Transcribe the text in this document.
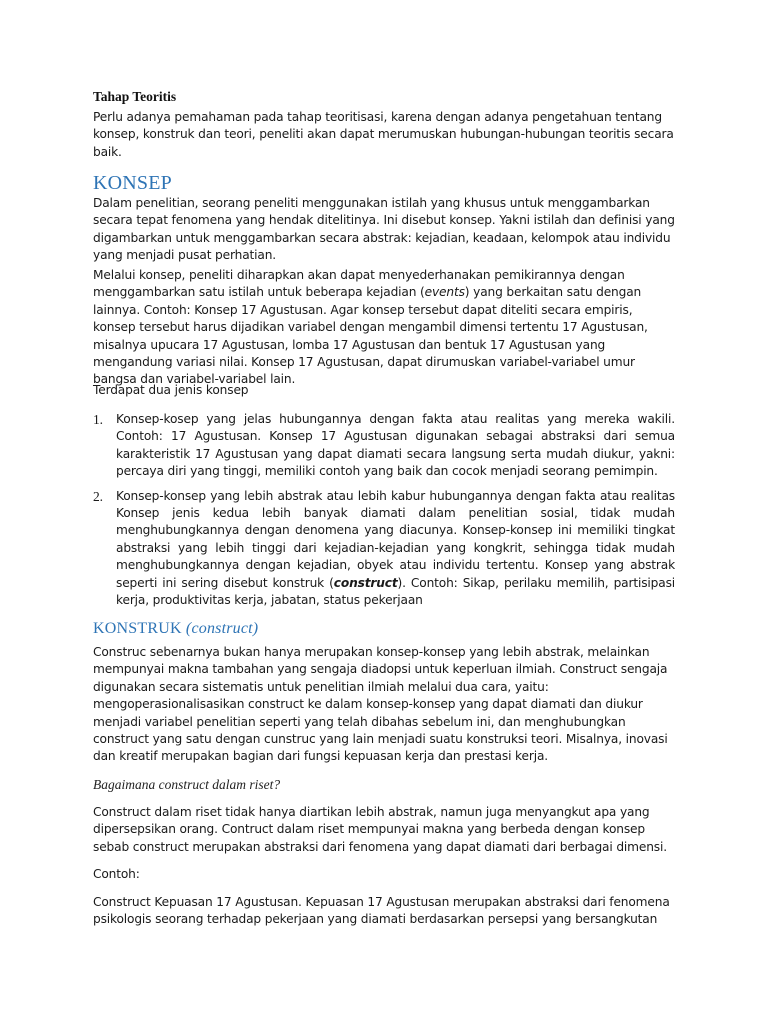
Tahap Teoritis

Perlu adanya pemahaman pada tahap teoritisasi, karena dengan adanya pengetahuan tentang konsep, konstruk dan teori, peneliti akan dapat merumuskan hubungan-hubungan teoritis secara baik.

KONSEP

Dalam penelitian, seorang peneliti menggunakan istilah yang khusus untuk menggambarkan secara tepat fenomena yang hendak ditelitinya. Ini disebut konsep. Yakni istilah dan definisi yang digambarkan untuk menggambarkan secara abstrak: kejadian, keadaan, kelompok atau individu yang menjadi pusat perhatian.

Melalui konsep, peneliti diharapkan akan dapat menyederhanakan pemikirannya dengan menggambarkan satu istilah untuk beberapa kejadian (events) yang berkaitan satu dengan lainnya. Contoh: Konsep 17 Agustusan. Agar konsep tersebut dapat diteliti secara empiris, konsep tersebut harus dijadikan variabel dengan mengambil dimensi tertentu 17 Agustusan, misalnya upucara 17 Agustusan, lomba 17 Agustusan dan bentuk 17 Agustusan yang mengandung variasi nilai. Konsep 17 Agustusan, dapat dirumuskan variabel-variabel umur bangsa dan variabel-variabel lain.

Terdapat dua jenis konsep

1. Konsep-kosep yang jelas hubungannya dengan fakta atau realitas yang mereka wakili. Contoh: 17 Agustusan. Konsep 17 Agustusan digunakan sebagai abstraksi dari semua karakteristik 17 Agustusan yang dapat diamati secara langsung serta mudah diukur, yakni: percaya diri yang tinggi, memiliki contoh yang baik dan cocok menjadi seorang pemimpin.
2. Konsep-konsep yang lebih abstrak atau lebih kabur hubungannya dengan fakta atau realitas Konsep jenis kedua lebih banyak diamati dalam penelitian sosial, tidak mudah menghubungkannya dengan denomena yang diacunya. Konsep-konsep ini memiliki tingkat abstraksi yang lebih tinggi dari kejadian-kejadian yang kongkrit, sehingga tidak mudah menghubungkannya dengan kejadian, obyek atau individu tertentu. Konsep yang abstrak seperti ini sering disebut konstruk (construct). Contoh: Sikap, perilaku memilih, partisipasi kerja, produktivitas kerja, jabatan, status pekerjaan
KONSTRUK (construct)

Construc sebenarnya bukan hanya merupakan konsep-konsep yang lebih abstrak, melainkan mempunyai makna tambahan yang sengaja diadopsi untuk keperluan ilmiah. Construct sengaja digunakan secara sistematis untuk penelitian ilmiah melalui dua cara, yaitu: mengoperasionalisasikan construct ke dalam konsep-konsep yang dapat diamati dan diukur menjadi variabel penelitian seperti yang telah dibahas sebelum ini, dan menghubungkan construct yang satu dengan cunstruc yang lain menjadi suatu konstruksi teori. Misalnya, inovasi dan kreatif merupakan bagian dari fungsi kepuasan kerja dan prestasi kerja.

Bagaimana construct dalam riset?

Construct dalam riset tidak hanya diartikan lebih abstrak, namun juga menyangkut apa yang dipersepsikan orang. Contruct dalam riset mempunyai makna yang berbeda dengan konsep sebab construct merupakan abstraksi dari fenomena yang dapat diamati dari berbagai dimensi.

Contoh:

Construct Kepuasan 17 Agustusan. Kepuasan 17 Agustusan merupakan abstraksi dari fenomena psikologis seorang terhadap pekerjaan yang diamati berdasarkan persepsi yang bersangkutan
